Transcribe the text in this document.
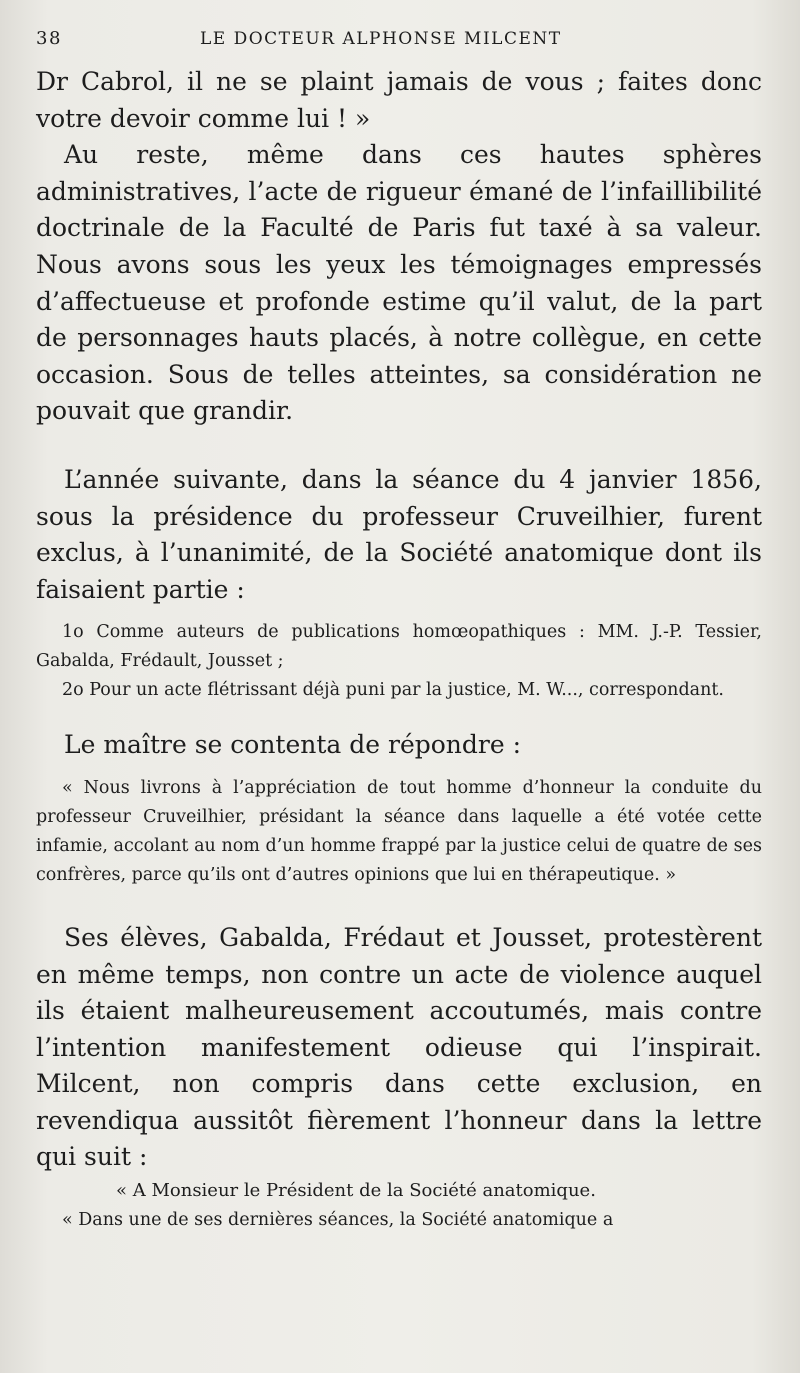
38	LE DOCTEUR ALPHONSE MILCENT

Dr Cabrol, il ne se plaint jamais de vous ; faites donc votre devoir comme lui ! »

Au reste, même dans ces hautes sphères administratives, l’acte de rigueur émané de l’infaillibilité doctrinale de la Faculté de Paris fut taxé à sa valeur. Nous avons sous les yeux les témoignages empressés d’affectueuse et profonde estime qu’il valut, de la part de personnages hauts placés, à notre collègue, en cette occasion. Sous de telles atteintes, sa considération ne pouvait que grandir.

L’année suivante, dans la séance du 4 janvier 1856, sous la présidence du professeur Cruveilhier, furent exclus, à l’unanimité, de la Société anatomique dont ils faisaient partie :

1o Comme auteurs de publications homœopathiques : MM. J.-P. Tessier, Gabalda, Frédault, Jousset ;

2o Pour un acte flétrissant déjà puni par la justice, M. W..., correspondant.

Le maître se contenta de répondre :

« Nous livrons à l’appréciation de tout homme d’honneur la conduite du professeur Cruveilhier, présidant la séance dans laquelle a été votée cette infamie, accolant au nom d’un homme frappé par la justice celui de quatre de ses confrères, parce qu’ils ont d’autres opinions que lui en thérapeutique. »

Ses élèves, Gabalda, Frédaut et Jousset, protestèrent en même temps, non contre un acte de violence auquel ils étaient malheureusement accoutumés, mais contre l’intention manifestement odieuse qui l’inspirait. Milcent, non compris dans cette exclusion, en revendiqua aussitôt fièrement l’honneur dans la lettre qui suit :

« A Monsieur le Président de la Société anatomique.

« Dans une de ses dernières séances, la Société anatomique a
